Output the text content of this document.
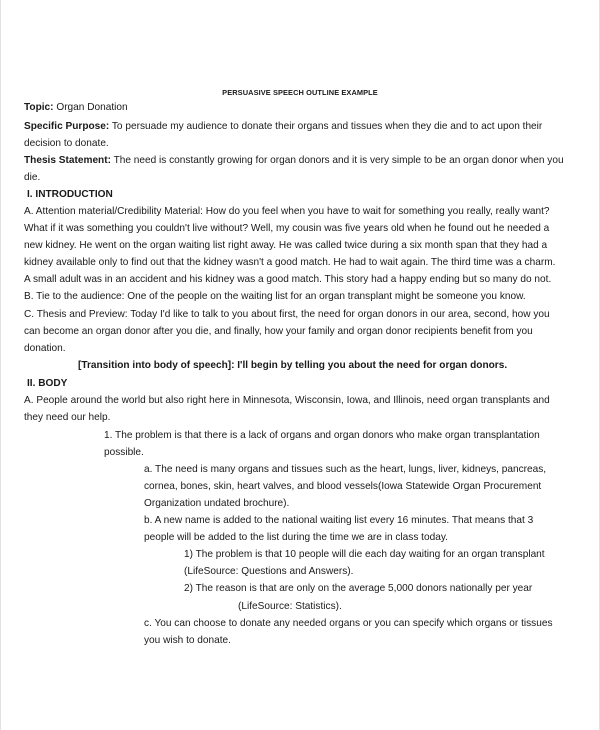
PERSUASIVE SPEECH OUTLINE EXAMPLE
Topic: Organ Donation
Specific Purpose: To persuade my audience to donate their organs and tissues when they die and to act upon their
decision to donate.
Thesis Statement: The need is constantly growing for organ donors and it is very simple to be an organ donor when you
die.
I. INTRODUCTION
A. Attention material/Credibility Material: How do you feel when you have to wait for something you really, really want?
What if it was something you couldn't live without? Well, my cousin was five years old when he found out he needed a
new kidney. He went on the organ waiting list right away. He was called twice during a six month span that they had a
kidney available only to find out that the kidney wasn't a good match. He had to wait again. The third time was a charm.
A small adult was in an accident and his kidney was a good match. This story had a happy ending but so many do not.
B. Tie to the audience: One of the people on the waiting list for an organ transplant might be someone you know.
C. Thesis and Preview: Today I'd like to talk to you about first, the need for organ donors in our area, second, how you
can become an organ donor after you die, and finally, how your family and organ donor recipients benefit from you
donation.
[Transition into body of speech]: I'll begin by telling you about the need for organ donors.
II. BODY
A. People around the world but also right here in Minnesota, Wisconsin, Iowa, and Illinois, need organ transplants and
they need our help.
1. The problem is that there is a lack of organs and organ donors who make organ transplantation
possible.
a. The need is many organs and tissues such as the heart, lungs, liver, kidneys, pancreas,
cornea, bones, skin, heart valves, and blood vessels(Iowa Statewide Organ Procurement
Organization undated brochure).
b. A new name is added to the national waiting list every 16 minutes. That means that 3
people will be added to the list during the time we are in class today.
1) The problem is that 10 people will die each day waiting for an organ transplant
(LifeSource: Questions and Answers).
2) The reason is that are only on the average 5,000 donors nationally per year
(LifeSource: Statistics).
c. You can choose to donate any needed organs or you can specify which organs or tissues
you wish to donate.
